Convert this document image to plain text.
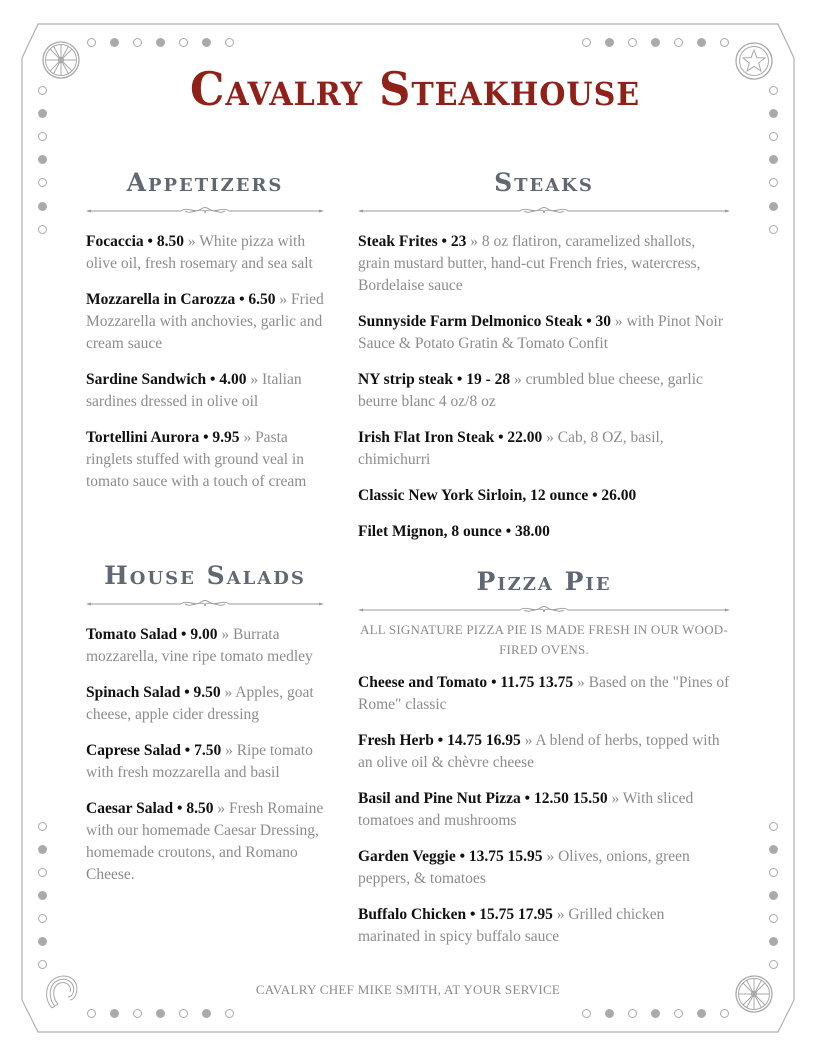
Cavalry Steakhouse
Appetizers
Focaccia • 8.50 » White pizza with olive oil, fresh rosemary and sea salt
Mozzarella in Carozza • 6.50 » Fried Mozzarella with anchovies, garlic and cream sauce
Sardine Sandwich • 4.00 » Italian sardines dressed in olive oil
Tortellini Aurora • 9.95 » Pasta ringlets stuffed with ground veal in tomato sauce with a touch of cream
Steaks
Steak Frites • 23 » 8 oz flatiron, caramelized shallots, grain mustard butter, hand-cut French fries, watercress, Bordelaise sauce
Sunnyside Farm Delmonico Steak • 30 » with Pinot Noir Sauce & Potato Gratin & Tomato Confit
NY strip steak • 19 - 28 » crumbled blue cheese, garlic beurre blanc 4 oz/8 oz
Irish Flat Iron Steak • 22.00 » Cab, 8 OZ, basil, chimichurri
Classic New York Sirloin, 12 ounce • 26.00
Filet Mignon, 8 ounce • 38.00
House Salads
Tomato Salad • 9.00 » Burrata mozzarella, vine ripe tomato medley
Spinach Salad • 9.50 » Apples, goat cheese, apple cider dressing
Caprese Salad • 7.50 » Ripe tomato with fresh mozzarella and basil
Caesar Salad • 8.50 » Fresh Romaine with our homemade Caesar Dressing, homemade croutons, and Romano Cheese.
Pizza Pie
ALL SIGNATURE PIZZA PIE IS MADE FRESH IN OUR WOOD-FIRED OVENS.
Cheese and Tomato • 11.75 13.75 » Based on the "Pines of Rome" classic
Fresh Herb • 14.75 16.95 » A blend of herbs, topped with an olive oil & chèvre cheese
Basil and Pine Nut Pizza • 12.50 15.50 » With sliced tomatoes and mushrooms
Garden Veggie • 13.75 15.95 » Olives, onions, green peppers, & tomatoes
Buffalo Chicken • 15.75 17.95 » Grilled chicken marinated in spicy buffalo sauce
CAVALRY CHEF MIKE SMITH, AT YOUR SERVICE
